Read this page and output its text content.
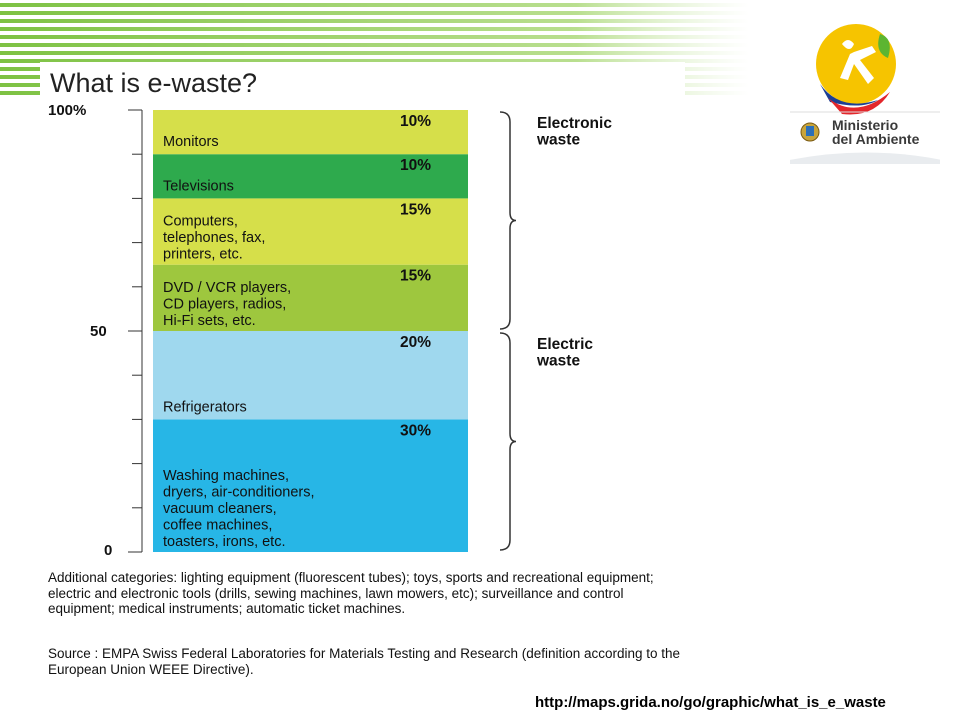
Ministerio
del Ambiente
What is e-waste?
100%
50
0
30%
Washing machines, dryers, air-conditioners, vacuum cleaners, coffee machines, toasters, irons, etc.
20%
Refrigerators
15%
DVD / VCR players, CD players, radios, Hi-Fi sets, etc.
15%
Computers, telephones, fax, printers, etc.
10%
Televisions
10%
Monitors
Electronic waste
Electric waste
Additional categories: lighting equipment (fluorescent tubes); toys, sports and recreational equipment; electric and electronic tools (drills, sewing machines, lawn mowers, etc); surveillance and control equipment; medical instruments; automatic ticket machines.
Source : EMPA Swiss Federal Laboratories for Materials Testing and Research (definition according to the European Union WEEE Directive).
http://maps.grida.no/go/graphic/what_is_e_waste
